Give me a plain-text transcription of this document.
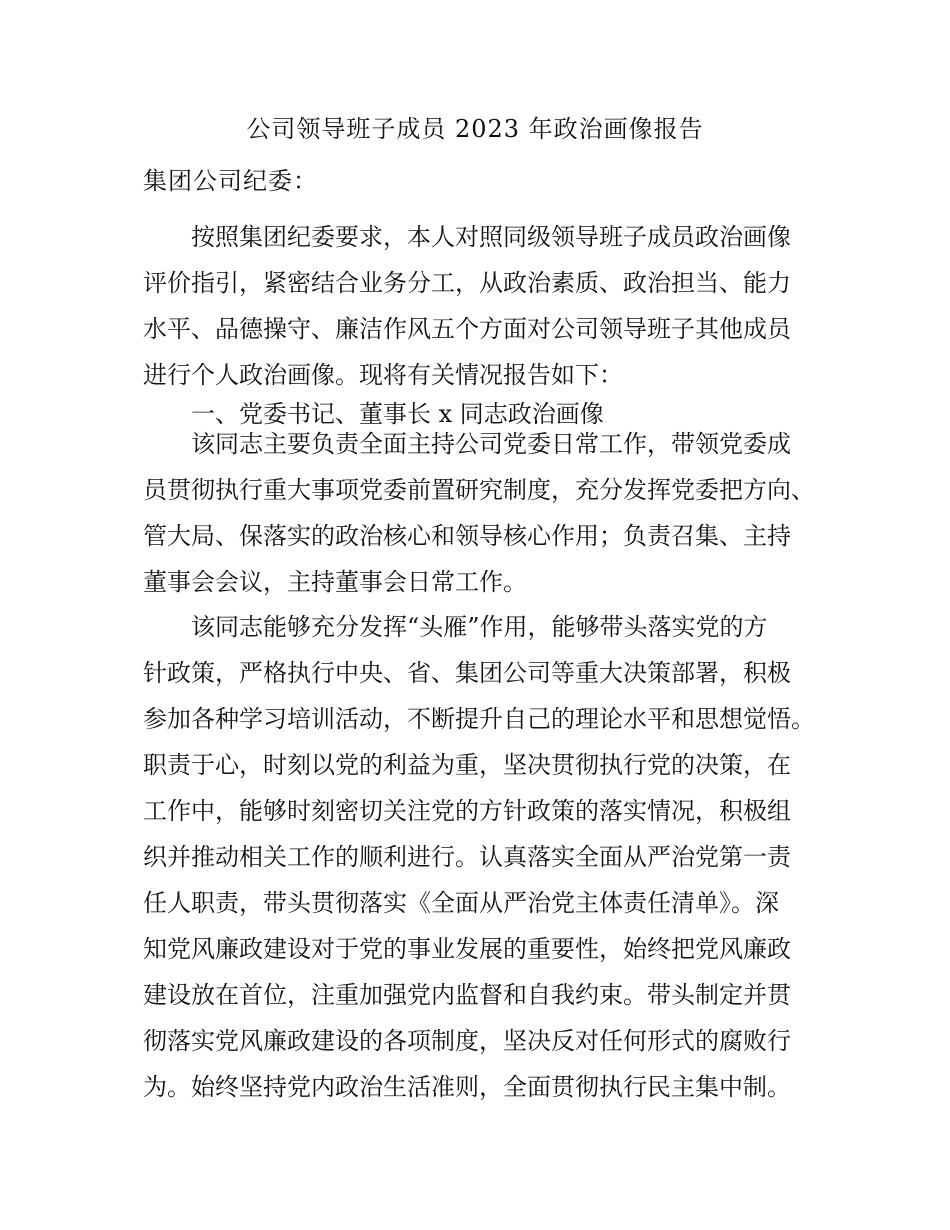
公司领导班子成员 2023 年政治画像报告
集团公司纪委：
按照集团纪委要求，本人对照同级领导班子成员政治画像
评价指引，紧密结合业务分工，从政治素质、政治担当、能力
水平、品德操守、廉洁作风五个方面对公司领导班子其他成员
进行个人政治画像。现将有关情况报告如下：
一、党委书记、董事长 x 同志政治画像
该同志主要负责全面主持公司党委日常工作，带领党委成
员贯彻执行重大事项党委前置研究制度，充分发挥党委把方向、
管大局、保落实的政治核心和领导核心作用；负责召集、主持
董事会会议，主持董事会日常工作。
该同志能够充分发挥“头雁”作用，能够带头落实党的方
针政策，严格执行中央、省、集团公司等重大决策部署，积极
参加各种学习培训活动，不断提升自己的理论水平和思想觉悟。
职责于心，时刻以党的利益为重，坚决贯彻执行党的决策，在
工作中，能够时刻密切关注党的方针政策的落实情况，积极组
织并推动相关工作的顺利进行。认真落实全面从严治党第一责
任人职责，带头贯彻落实《全面从严治党主体责任清单》。深
知党风廉政建设对于党的事业发展的重要性，始终把党风廉政
建设放在首位，注重加强党内监督和自我约束。带头制定并贯
彻落实党风廉政建设的各项制度，坚决反对任何形式的腐败行
为。始终坚持党内政治生活准则，全面贯彻执行民主集中制。
